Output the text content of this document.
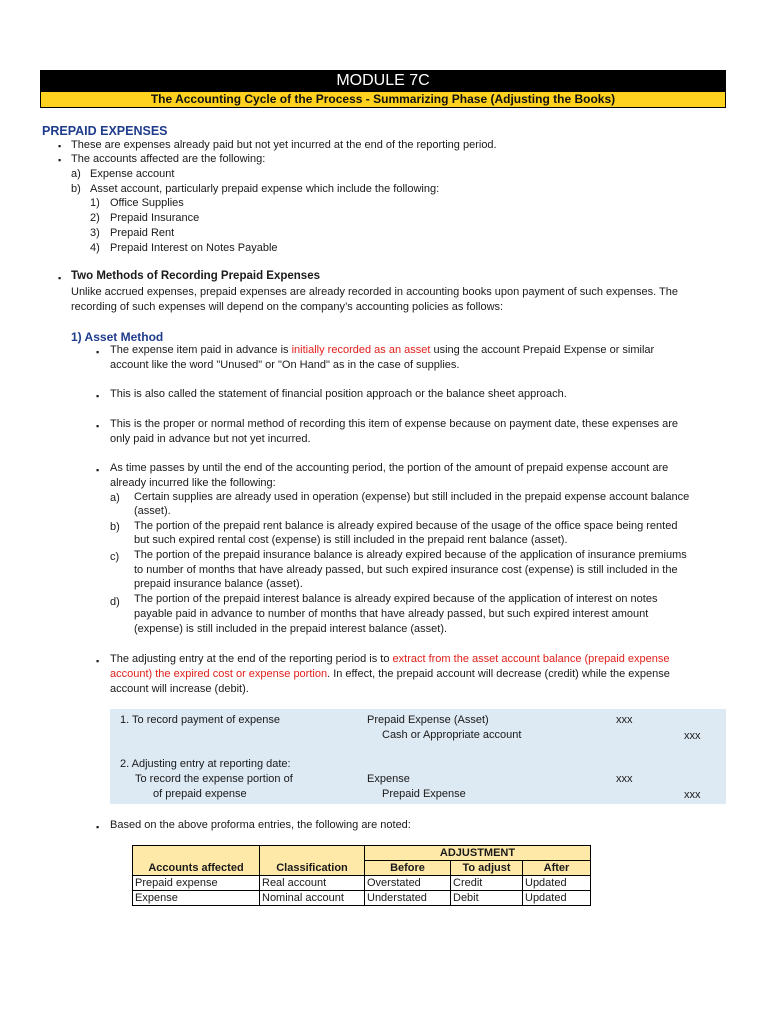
MODULE 7C
The Accounting Cycle of the Process - Summarizing Phase (Adjusting the Books)
PREPAID EXPENSES
▪ These are expenses already paid but not yet incurred at the end of the reporting period.
▪ The accounts affected are the following:
a) Expense account
b) Asset account, particularly prepaid expense which include the following:
1) Office Supplies
2) Prepaid Insurance
3) Prepaid Rent
4) Prepaid Interest on Notes Payable
▪ Two Methods of Recording Prepaid Expenses
Unlike accrued expenses, prepaid expenses are already recorded in accounting books upon payment of such expenses. The
recording of such expenses will depend on the company’s accounting policies as follows:
1) Asset Method
▪ The expense item paid in advance is initially recorded as an asset using the account Prepaid Expense or similar
account like the word "Unused" or "On Hand" as in the case of supplies.
▪ This is also called the statement of financial position approach or the balance sheet approach.
▪ This is the proper or normal method of recording this item of expense because on payment date, these expenses are
only paid in advance but not yet incurred.
▪ As time passes by until the end of the accounting period, the portion of the amount of prepaid expense account are
already incurred like the following:
a) Certain supplies are already used in operation (expense) but still included in the prepaid expense account balance
(asset).
b) The portion of the prepaid rent balance is already expired because of the usage of the office space being rented
but such expired rental cost (expense) is still included in the prepaid rent balance (asset).
c) The portion of the prepaid insurance balance is already expired because of the application of insurance premiums
to number of months that have already passed, but such expired insurance cost (expense) is still included in the
prepaid insurance balance (asset).
d) The portion of the prepaid interest balance is already expired because of the application of interest on notes
payable paid in advance to number of months that have already passed, but such expired interest amount
(expense) is still included in the prepaid interest balance (asset).
▪ The adjusting entry at the end of the reporting period is to extract from the asset account balance (prepaid expense
account) the expired cost or expense portion. In effect, the prepaid account will decrease (credit) while the expense
account will increase (debit).
1. To record payment of expense	Prepaid Expense (Asset)	xxx
Cash or Appropriate account	xxx
2. Adjusting entry at reporting date:
To record the expense portion of	Expense	xxx
of prepaid expense	Prepaid Expense	xxx
▪ Based on the above proforma entries, the following are noted:
Accounts affected	Classification	ADJUSTMENT		
		Before	To adjust	After
Prepaid expense	Real account	Overstated	Credit	Updated
Expense	Nominal account	Understated	Debit	Updated
